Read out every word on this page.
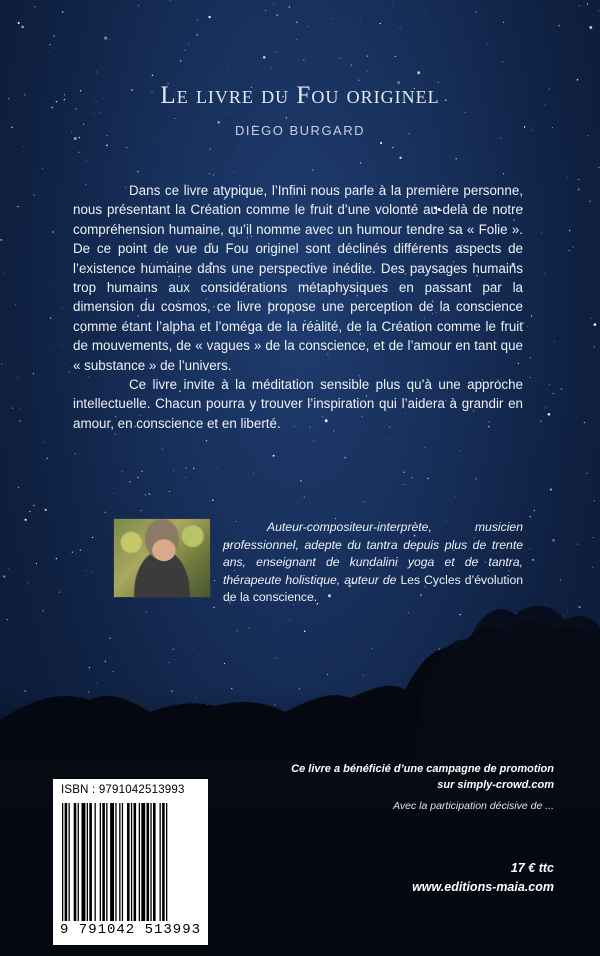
Le livre du Fou originel
DIEGO BURGARD

Dans ce livre atypique, l’Infini nous parle à la première personne, nous présentant la Création comme le fruit d’une volonté au-delà de notre compréhension humaine, qu’il nomme avec un humour tendre sa « Folie ». De ce point de vue du Fou originel sont déclinés différents aspects de l’existence humaine dans une perspective inédite. Des paysages humains trop humains aux considérations métaphysiques en passant par la dimension du cosmos, ce livre propose une perception de la conscience comme étant l’alpha et l’oméga de la réalité, de la Création comme le fruit de mouvements, de « vagues » de la conscience, et de l’amour en tant que « substance » de l’univers.

Ce livre invite à la méditation sensible plus qu’à une approche intellectuelle. Chacun pourra y trouver l’inspiration qui l’aidera à grandir en amour, en conscience et en liberté.

Auteur-compositeur-interprète, musicien professionnel, adepte du tantra depuis plus de trente ans, enseignant de kundalini yoga et de tantra, thérapeute holistique, auteur de Les Cycles d’évolution de la conscience.
ISBN : 9791042513993
9 791042 513993
Ce livre a bénéficié d’une campagne de promotion
sur simply-crowd.com
Avec la participation décisive de ...
17 € ttc
www.editions-maia.com
